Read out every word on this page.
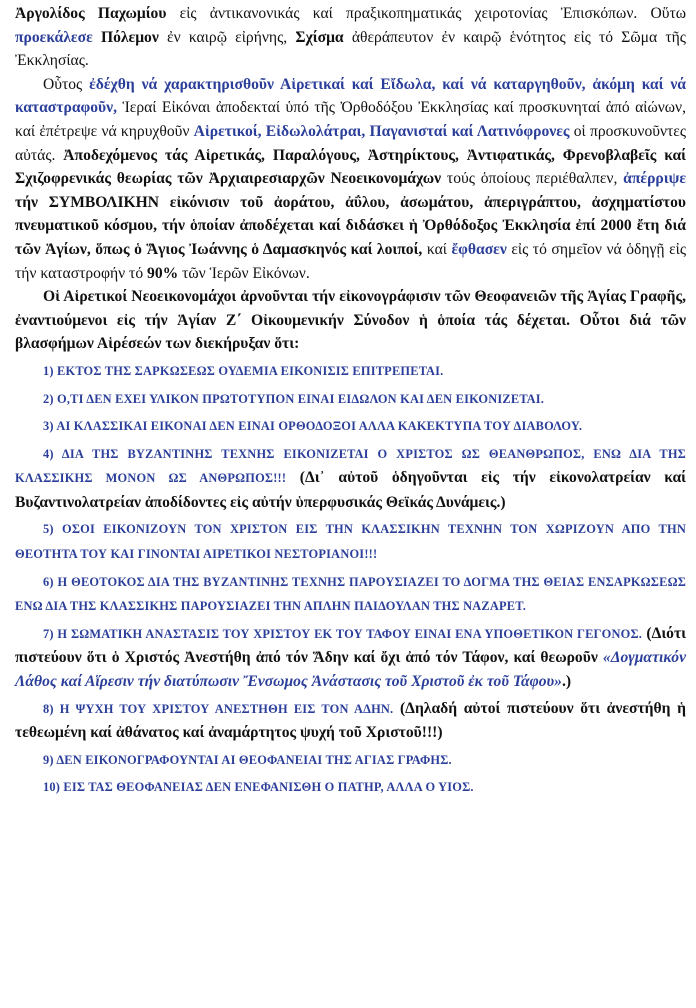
Ἀργολίδος Παχωμίου εἰς ἀντικανονικάς καί πραξικοπηματικάς χειροτονίας Ἐπισκόπων. Οὕτω προεκάλεσε Πόλεμον ἐν καιρῷ εἰρήνης, Σχίσμα ἀθεράπευτον ἐν καιρῷ ἑνότητος εἰς τό Σῶμα τῆς Ἐκκλησίας.

Οὗτος ἐδέχθη νά χαρακτηρισθοῦν Αἱρετικαί καί Εἴδωλα, καί νά καταργηθοῦν, ἀκόμη καί νά καταστραφοῦν, Ἱεραί Εἰκόναι ἀποδεκταί ὑπό τῆς Ὀρθοδόξου Ἐκκλησίας καί προσκυνηταί ἀπό αἰώνων, καί ἐπέτρεψε νά κηρυχθοῦν Αἱρετικοί, Εἰδωλολάτραι, Παγανισταί καί Λατινόφρονες οἱ προσκυνοῦντες αὐτάς. Ἀποδεχόμενος τάς Αἱρετικάς, Παραλόγους, Ἀστηρίκτους, Ἀντιφατικάς, Φρενοβλαβεῖς καί Σχιζοφρενικάς θεωρίας τῶν Ἀρχιαιρεσιαρχῶν Νεοεικονομάχων τούς ὁποίους περιέθαλπεν, ἀπέρριψε τήν ΣΥΜΒΟΛΙΚΗΝ εἰκόνισιν τοῦ ἀοράτου, ἀΰλου, ἀσωμάτου, ἀπεριγράπτου, ἀσχηματίστου πνευματικοῦ κόσμου, τήν ὁποίαν ἀποδέχεται καί διδάσκει ἡ Ὀρθόδοξος Ἐκκλησία ἐπί 2000 ἔτη διά τῶν Ἁγίων, ὅπως ὁ Ἅγιος Ἰωάννης ὁ Δαμασκηνός καί λοιποί, καί ἔφθασεν εἰς τό σημεῖον νά ὁδηγῇ εἰς τήν καταστροφήν τό 90% τῶν Ἱερῶν Εἰκόνων.

Οἱ Αἱρετικοί Νεοεικονομάχοι ἀρνοῦνται τήν εἰκονογράφισιν τῶν Θεοφανειῶν τῆς Ἁγίας Γραφῆς, ἐναντιούμενοι εἰς τήν Ἁγίαν Ζ΄ Οἰκουμενικήν Σύνοδον ἡ ὁποία τάς δέχεται. Οὗτοι διά τῶν βλασφήμων Αἱρέσεών των διεκήρυξαν ὅτι:

1) ΕΚΤΟΣ ΤΗΣ ΣΑΡΚΩΣΕΩΣ ΟΥΔΕΜΙΑ ΕΙΚΟΝΙΣΙΣ ΕΠΙΤΡΕΠΕΤΑΙ.

2) Ο,ΤΙ ΔΕΝ ΕΧΕΙ ΥΛΙΚΟΝ ΠΡΩΤΟΤΥΠΟΝ ΕΙΝΑΙ ΕΙΔΩΛΟΝ ΚΑΙ ΔΕΝ ΕΙΚΟΝΙΖΕΤΑΙ.

3) ΑΙ ΚΛΑΣΣΙΚΑΙ ΕΙΚΟΝΑΙ ΔΕΝ ΕΙΝΑΙ ΟΡΘΟΔΟΞΟΙ ΑΛΛΑ ΚΑΚΕΚΤΥΠΑ ΤΟΥ ΔΙΑΒΟΛΟΥ.

4) ΔΙΑ ΤΗΣ ΒΥΖΑΝΤΙΝΗΣ ΤΕΧΝΗΣ ΕΙΚΟΝΙΖΕΤΑΙ Ο ΧΡΙΣΤΟΣ ΩΣ ΘΕΑΝΘΡΩΠΟΣ, ΕΝΩ ΔΙΑ ΤΗΣ ΚΛΑΣΣΙΚΗΣ ΜΟΝΟΝ ΩΣ ΑΝΘΡΩΠΟΣ!!! (Δι᾽ αὐτοῦ ὁδηγοῦνται εἰς τήν εἰκονολατρείαν καί Βυζαντινολατρείαν ἀποδίδοντες εἰς αὐτήν ὑπερφυσικάς Θεϊκάς Δυνάμεις.)

5) ΟΣΟΙ ΕΙΚΟΝΙΖΟΥΝ ΤΟΝ ΧΡΙΣΤΟΝ ΕΙΣ ΤΗΝ ΚΛΑΣΣΙΚΗΝ ΤΕΧΝΗΝ ΤΟΝ ΧΩΡΙΖΟΥΝ ΑΠΟ ΤΗΝ ΘΕΟΤΗΤΑ ΤΟΥ ΚΑΙ ΓΙΝΟΝΤΑΙ ΑΙΡΕΤΙΚΟΙ ΝΕΣΤΟΡΙΑΝΟΙ!!!

6) Η ΘΕΟΤΟΚΟΣ ΔΙΑ ΤΗΣ ΒΥΖΑΝΤΙΝΗΣ ΤΕΧΝΗΣ ΠΑΡΟΥΣΙΑΖΕΙ ΤΟ ΔΟΓΜΑ ΤΗΣ ΘΕΙΑΣ ΕΝΣΑΡΚΩΣΕΩΣ ΕΝΩ ΔΙΑ ΤΗΣ ΚΛΑΣΣΙΚΗΣ ΠΑΡΟΥΣΙΑΖΕΙ ΤΗΝ ΑΠΛΗΝ ΠΑΙΔΟΥΛΑΝ ΤΗΣ ΝΑΖΑΡΕΤ.

7) Η ΣΩΜΑΤΙΚΗ ΑΝΑΣΤΑΣΙΣ ΤΟΥ ΧΡΙΣΤΟΥ ΕΚ ΤΟΥ ΤΑΦΟΥ ΕΙΝΑΙ ΕΝΑ ΥΠΟΘΕΤΙΚΟΝ ΓΕΓΟΝΟΣ. (Διότι πιστεύουν ὅτι ὁ Χριστός Ἀνεστήθη ἀπό τόν Ἅδην καί ὄχι ἀπό τόν Τάφον, καί θεωροῦν «Δογματικόν Λάθος καί Αἵρεσιν τήν διατύπωσιν Ἔνσωμος Ἀνάστασις τοῦ Χριστοῦ ἐκ τοῦ Τάφου».)

8) Η ΨΥΧΗ ΤΟΥ ΧΡΙΣΤΟΥ ΑΝΕΣΤΗΘΗ ΕΙΣ ΤΟΝ ΑΔΗΝ. (Δηλαδή αὐτοί πιστεύουν ὅτι ἀνεστήθη ἡ τεθεωμένη καί ἀθάνατος καί ἀναμάρτητος ψυχή τοῦ Χριστοῦ!!!)

9) ΔΕΝ ΕΙΚΟΝΟΓΡΑΦΟΥΝΤΑΙ ΑΙ ΘΕΟΦΑΝΕΙΑΙ ΤΗΣ ΑΓΙΑΣ ΓΡΑΦΗΣ.

10) ΕΙΣ ΤΑΣ ΘΕΟΦΑΝΕΙΑΣ ΔΕΝ ΕΝΕΦΑΝΙΣΘΗ Ο ΠΑΤΗΡ, ΑΛΛΑ Ο ΥΙΟΣ.
